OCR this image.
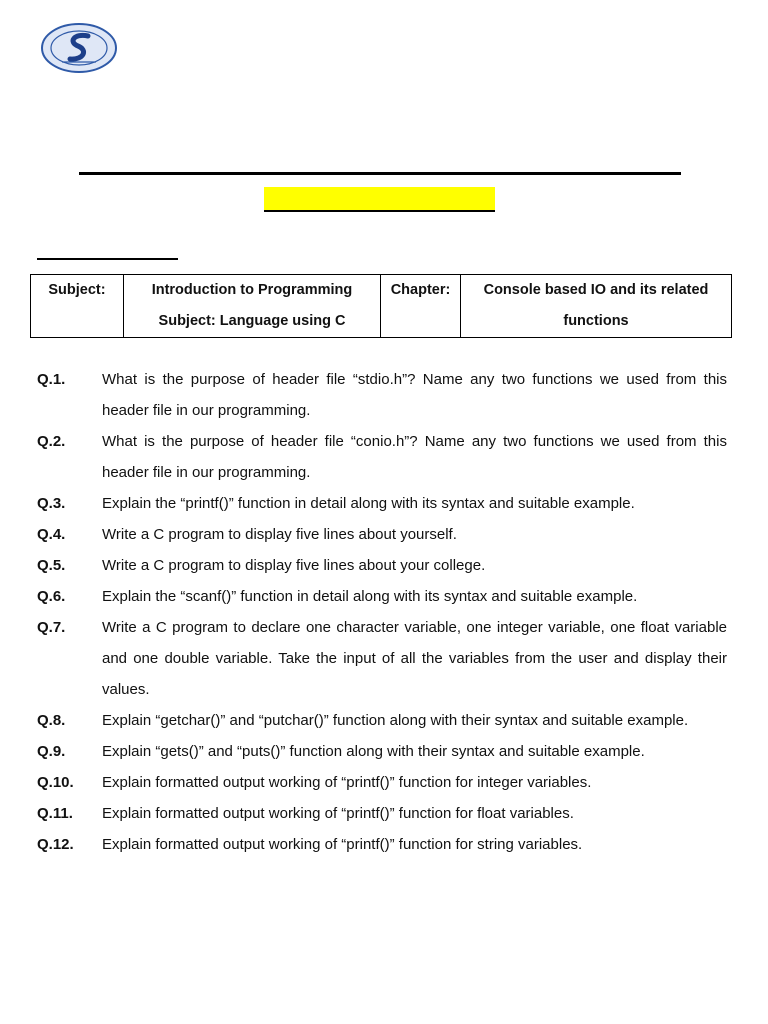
Subject:	Introduction to Programming
Subject: Language using C

Chapter:	Console based IO and its related
functions
Q.1.	What is the purpose of header file “stdio.h”? Name any two functions we used from this header file in our programming.
Q.2.	What is the purpose of header file “conio.h”? Name any two functions we used from this header file in our programming.
Q.3.	Explain the “printf()” function in detail along with its syntax and suitable example.
Q.4.	Write a C program to display five lines about yourself.
Q.5.	Write a C program to display five lines about your college.
Q.6.	Explain the “scanf()” function in detail along with its syntax and suitable example.
Q.7.	Write a C program to declare one character variable, one integer variable, one float variable and one double variable. Take the input of all the variables from the user and display their values.
Q.8.	Explain “getchar()” and “putchar()” function along with their syntax and suitable example.
Q.9.	Explain “gets()” and “puts()” function along with their syntax and suitable example.
Q.10.	Explain formatted output working of “printf()” function for integer variables.
Q.11.	Explain formatted output working of “printf()” function for float variables.
Q.12.	Explain formatted output working of “printf()” function for string variables.
